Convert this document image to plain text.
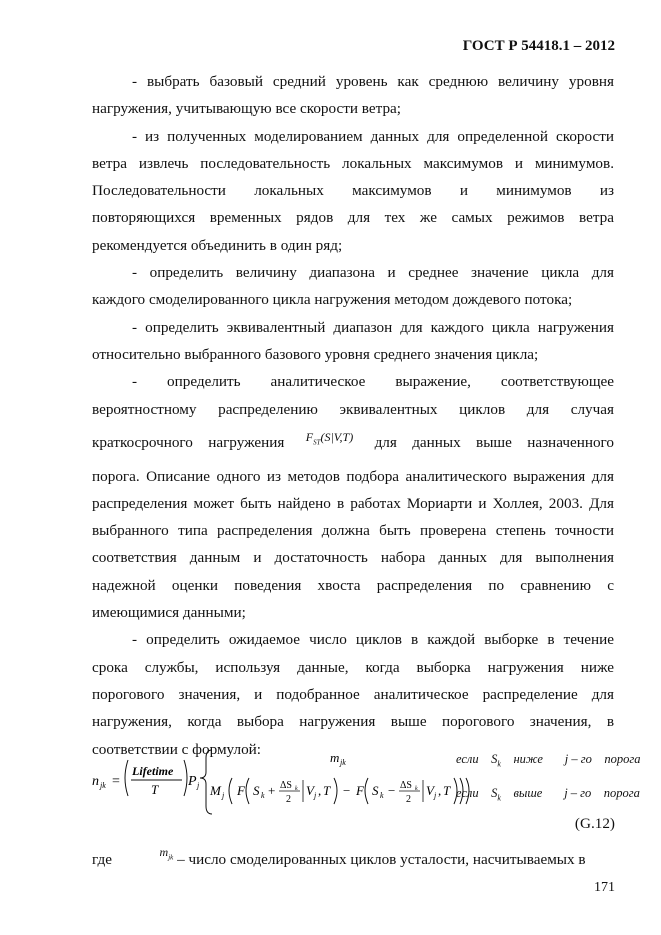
ГОСТ Р 54418.1 – 2012
- выбрать базовый средний уровень как среднюю величину уровня
нагружения, учитывающую все скорости ветра;
- из полученных моделированием данных для определенной скорости
ветра извлечь последовательность локальных максимумов и минимумов.
Последовательности локальных максимумов и минимумов из
повторяющихся временных рядов для тех же самых режимов ветра
рекомендуется объединить в один ряд;
- определить величину диапазона и среднее значение цикла для
каждого смоделированного цикла нагружения методом дождевого потока;
- определить эквивалентный диапазон для каждого цикла нагружения
относительно выбранного базового уровня среднего значения цикла;
- определить аналитическое выражение, соответствующее
вероятностному распределению эквивалентных циклов для случая
краткосрочного нагружения $F_{ST}(S|V,T)$ для данных выше назначенного
порога. Описание одного из методов подбора аналитического выражения для
распределения может быть найдено в работах Мориарти и Холлея, 2003. Для
выбранного типа распределения должна быть проверена степень точности
соответствия данным и достаточность набора данных для выполнения
надежной оценки поведения хвоста распределения по сравнению с
имеющимися данными;
- определить ожидаемое число циклов в каждой выборке в течение
срока службы, используя данные, когда выборка нагружения ниже
порогового значения, и подобранное аналитическое распределение для
нагружения, когда выбора нагружения выше порогового значения, в
соответствии с формулой:
n jk =
Lifetime
T
P j
m jk
M j F S k + ΔS k
2
V j , T − F S k − ΔS k
2
V j , T
если    $S_k$    ниже       j – го    порога
если    $S_k$    выше       j – го    порога
(G.12)
где	$^{m_{jk}}$ – число смоделированных циклов усталости, насчитываемых в
171
